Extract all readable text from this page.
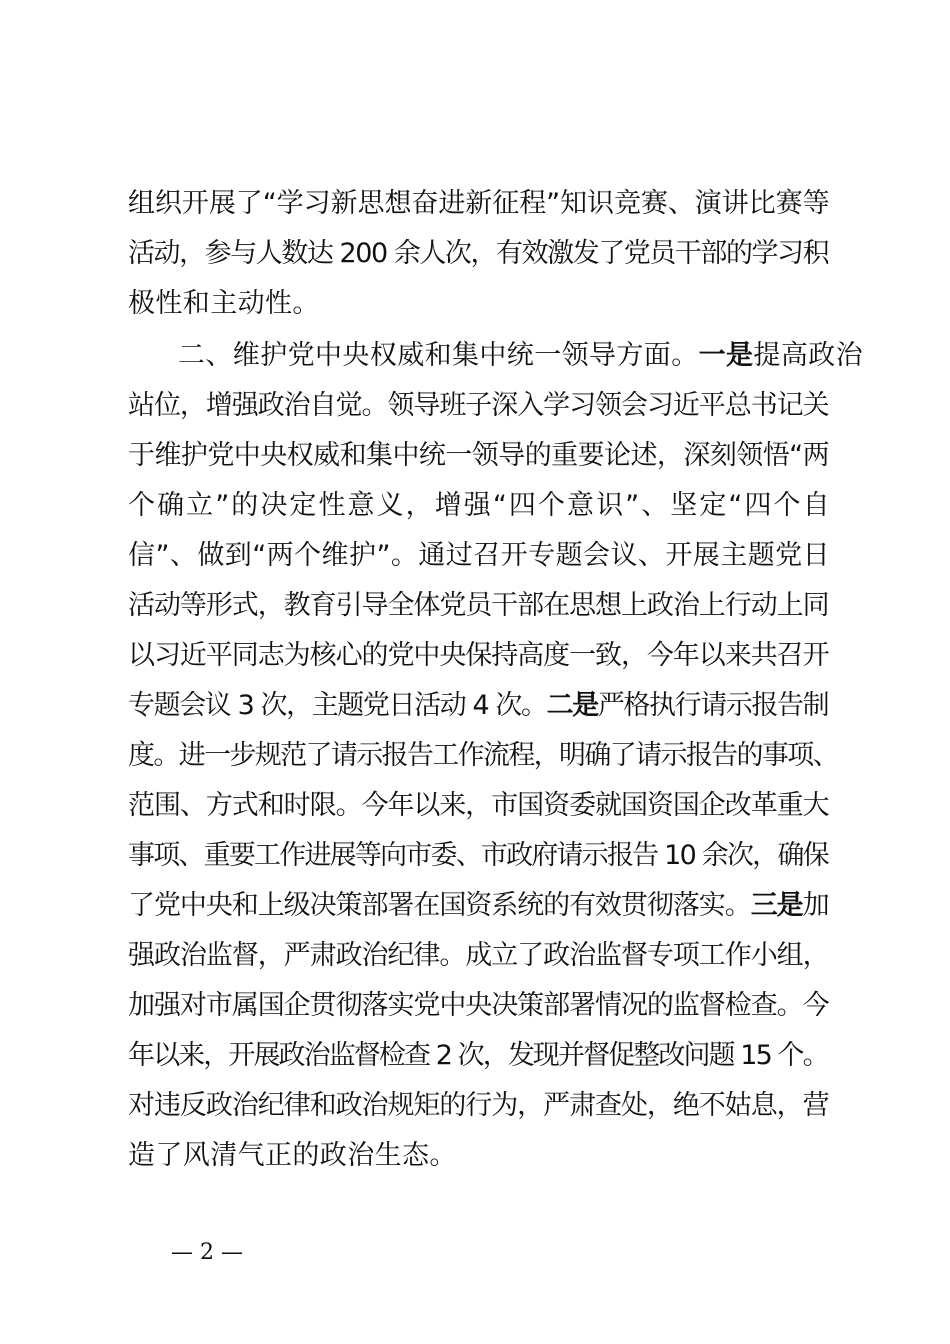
组织开展了“学习新思想奋进新征程”知识竞赛、演讲比赛等
活动，参与人数达 200 余人次，有效激发了党员干部的学习积
极性和主动性。
二、维护党中央权威和集中统一领导方面。一是提高政治
站位，增强政治自觉。领导班子深入学习领会习近平总书记关
于维护党中央权威和集中统一领导的重要论述，深刻领悟“两
个确立”的决定性意义，增强“四个意识”、坚定“四个自
信”、做到“两个维护”。通过召开专题会议、开展主题党日
活动等形式，教育引导全体党员干部在思想上政治上行动上同
以习近平同志为核心的党中央保持高度一致，今年以来共召开
专题会议 3 次，主题党日活动 4 次。二是严格执行请示报告制
度。进一步规范了请示报告工作流程，明确了请示报告的事项、
范围、方式和时限。今年以来，市国资委就国资国企改革重大
事项、重要工作进展等向市委、市政府请示报告 10 余次，确保
了党中央和上级决策部署在国资系统的有效贯彻落实。三是加
强政治监督，严肃政治纪律。成立了政治监督专项工作小组，
加强对市属国企贯彻落实党中央决策部署情况的监督检查。今
年以来，开展政治监督检查 2 次，发现并督促整改问题 15 个。
对违反政治纪律和政治规矩的行为，严肃查处，绝不姑息，营
造了风清气正的政治生态。
— 2 —
